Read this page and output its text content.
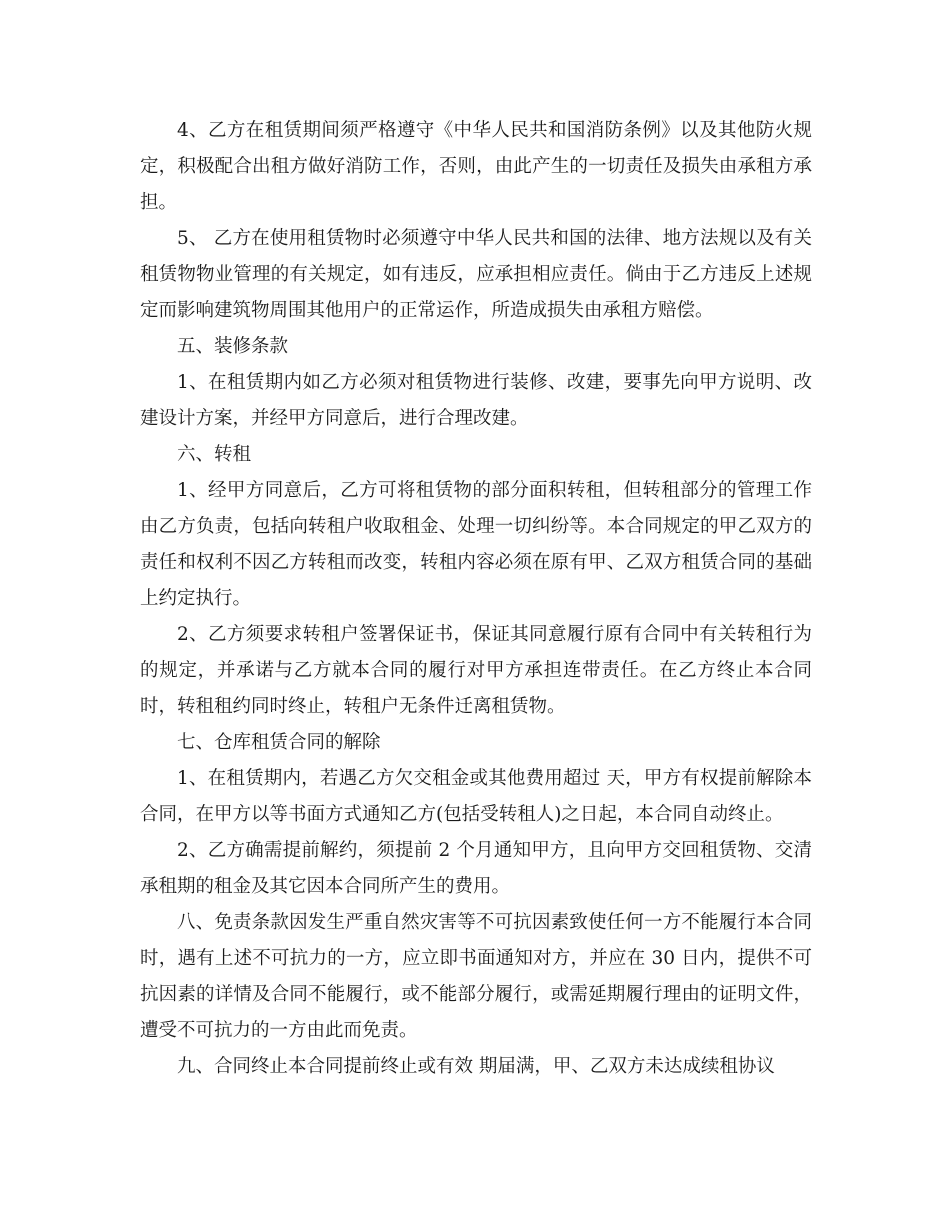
4、乙方在租赁期间须严格遵守《中华人民共和国消防条例》以及其他防火规定，积极配合出租方做好消防工作，否则，由此产生的一切责任及损失由承租方承担。

5、 乙方在使用租赁物时必须遵守中华人民共和国的法律、地方法规以及有关租赁物物业管理的有关规定，如有违反，应承担相应责任。倘由于乙方违反上述规定而影响建筑物周围其他用户的正常运作，所造成损失由承租方赔偿。

五、装修条款

1、在租赁期内如乙方必须对租赁物进行装修、改建，要事先向甲方说明、改建设计方案，并经甲方同意后，进行合理改建。

六、转租

1、经甲方同意后，乙方可将租赁物的部分面积转租，但转租部分的管理工作由乙方负责，包括向转租户收取租金、处理一切纠纷等。本合同规定的甲乙双方的责任和权利不因乙方转租而改变，转租内容必须在原有甲、乙双方租赁合同的基础上约定执行。

2、乙方须要求转租户签署保证书，保证其同意履行原有合同中有关转租行为的规定，并承诺与乙方就本合同的履行对甲方承担连带责任。在乙方终止本合同时，转租租约同时终止，转租户无条件迁离租赁物。

七、仓库租赁合同的解除

1、在租赁期内，若遇乙方欠交租金或其他费用超过 天，甲方有权提前解除本合同，在甲方以等书面方式通知乙方(包括受转租人)之日起，本合同自动终止。

2、乙方确需提前解约，须提前 2 个月通知甲方，且向甲方交回租赁物、交清承租期的租金及其它因本合同所产生的费用。

八、免责条款因发生严重自然灾害等不可抗因素致使任何一方不能履行本合同时，遇有上述不可抗力的一方，应立即书面通知对方，并应在 30 日内，提供不可抗因素的详情及合同不能履行，或不能部分履行，或需延期履行理由的证明文件，遭受不可抗力的一方由此而免责。

九、合同终止本合同提前终止或有效 期届满，甲、乙双方未达成续租协议
